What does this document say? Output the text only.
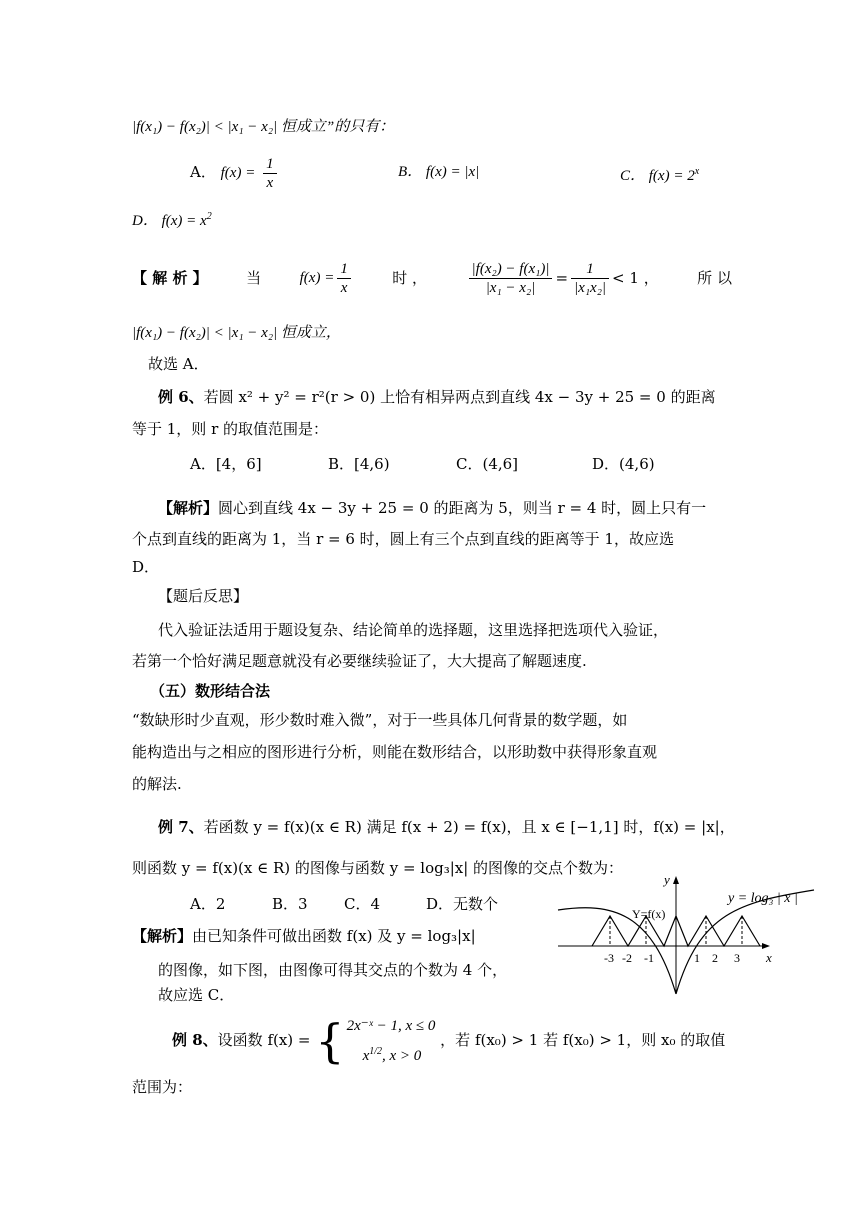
|f(x₁) − f(x₂)| < |x₁ − x₂| 恒成立”的只有：
A． $f(x) = \frac{1}{x}$	B． f(x) = |x|	C． $f(x) = 2^x$
D． $f(x) = x^2$
【 解 析 】	当	$f(x) = \frac{1}{x}$	时 ，	$\frac{\text{|f(x₂) − f(x₁)|}}{\text{|x₁ − x₂|}} = \frac{1}{\text{|x₁x₂|}} < 1$ ，	所 以
|f(x₁) − f(x₂)| < |x₁ − x₂| 恒成立，
故选 A．
例 6、若圆 x² + y² = r²(r > 0) 上恰有相异两点到直线 4x − 3y + 25 = 0 的距离
等于 1，则 r 的取值范围是：
A．[4，6]	B．[4,6)	C．(4,6]	D．(4,6)
【解析】圆心到直线 4x − 3y + 25 = 0 的距离为 5，则当 r = 4 时，圆上只有一
个点到直线的距离为 1，当 r = 6 时，圆上有三个点到直线的距离等于 1，故应选
D．
【题后反思】
代入验证法适用于题设复杂、结论简单的选择题，这里选择把选项代入验证，
若第一个恰好满足题意就没有必要继续验证了，大大提高了解题速度.
（五）数形结合法
“数缺形时少直观，形少数时难入微”，对于一些具体几何背景的数学题，如
能构造出与之相应的图形进行分析，则能在数形结合，以形助数中获得形象直观
的解法.
例 7、若函数 y = f(x)(x ∈ R) 满足 f(x + 2) = f(x)，且 x ∈ [−1,1] 时，f(x) = |x|，
则函数 y = f(x)(x ∈ R) 的图像与函数 y = log₃|x| 的图像的交点个数为：
A．2	B．3 C．4	D．无数个
【解析】由已知条件可做出函数 f(x) 及 y = log₃|x|
的图像，如下图，由图像可得其交点的个数为 4 个，
故应选 C．
y
x
Y=f(x)
y = log₃ | x |
-3 -2 -1	1 2 3
例 8、设函数 f(x) = { 2x⁻ˣ − 1, x ≤ 0
$x^{1/2}$, x > 0
，若 f(x₀) > 1 若 f(x₀) > 1，则 x₀ 的取值
范围为：
